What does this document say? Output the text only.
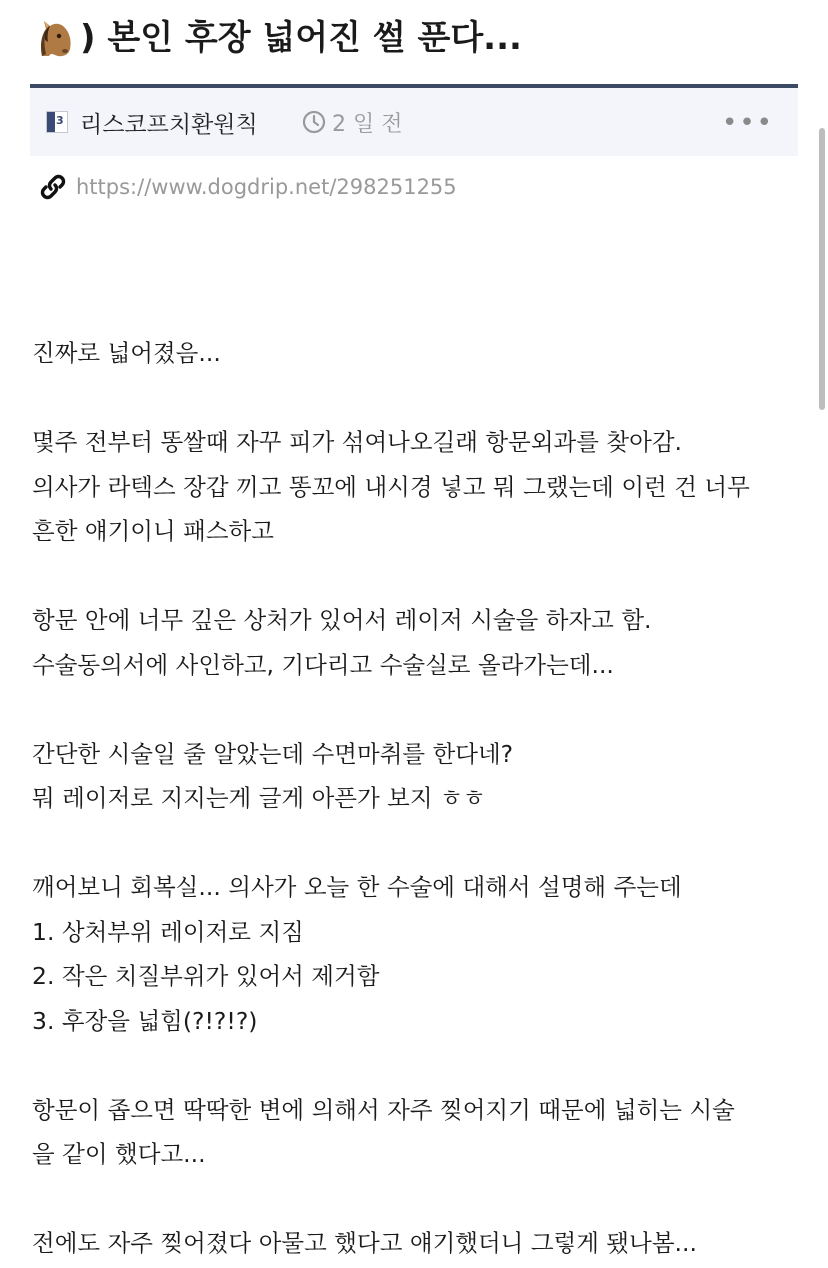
) 본인 후장 넓어진 썰 푼다...
3 리스코프치환원칙	2 일 전	•••
https://www.dogdrip.net/298251255
진짜로 넓어졌음...
몇주 전부터 똥쌀때 자꾸 피가 섞여나오길래 항문외과를 찾아감.
의사가 라텍스 장갑 끼고 똥꼬에 내시경 넣고 뭐 그랬는데 이런 건 너무
흔한 얘기이니 패스하고
항문 안에 너무 깊은 상처가 있어서 레이저 시술을 하자고 함.
수술동의서에 사인하고, 기다리고 수술실로 올라가는데...
간단한 시술일 줄 알았는데 수면마취를 한다네?
뭐 레이저로 지지는게 글게 아픈가 보지 ㅎㅎ
깨어보니 회복실... 의사가 오늘 한 수술에 대해서 설명해 주는데
1. 상처부위 레이저로 지짐
2. 작은 치질부위가 있어서 제거함
3. 후장을 넓힘(?!?!?)
항문이 좁으면 딱딱한 변에 의해서 자주 찢어지기 때문에 넓히는 시술
을 같이 했다고...
전에도 자주 찢어졌다 아물고 했다고 얘기했더니 그렇게 됐나봄...
